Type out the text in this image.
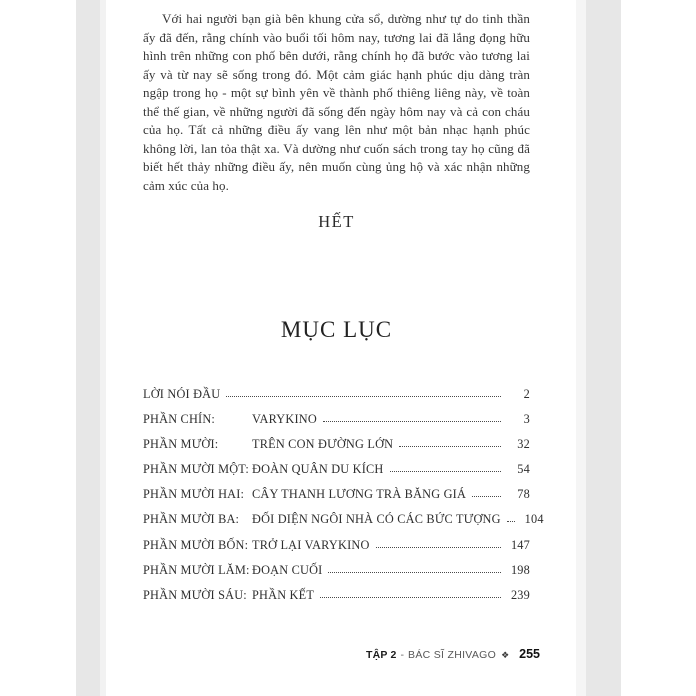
Với hai người bạn già bên khung cửa sổ, dường như tự do tinh thần ấy đã đến, rằng chính vào buổi tối hôm nay, tương lai đã lắng đọng hữu hình trên những con phố bên dưới, rằng chính họ đã bước vào tương lai ấy và từ nay sẽ sống trong đó. Một cảm giác hạnh phúc dịu dàng tràn ngập trong họ - một sự bình yên về thành phố thiêng liêng này, về toàn thể thế gian, về những người đã sống đến ngày hôm nay và cả con cháu của họ. Tất cả những điều ấy vang lên như một bản nhạc hạnh phúc không lời, lan tỏa thật xa. Và dường như cuốn sách trong tay họ cũng đã biết hết thảy những điều ấy, nên muốn cùng ủng hộ và xác nhận những cảm xúc của họ.

HẾT
MỤC LỤC
LỜI NÓI ĐẦU	2
PHẦN CHÍN:	VARYKINO	3
PHẦN MƯỜI:	TRÊN CON ĐƯỜNG LỚN	32
PHẦN MƯỜI MỘT: ĐOÀN QUÂN DU KÍCH	54
PHẦN MƯỜI HAI: CÂY THANH LƯƠNG TRÀ BĂNG GIÁ	78
PHẦN MƯỜI BA:	ĐỐI DIỆN NGÔI NHÀ CÓ CÁC BỨC TƯỢNG	104
PHẦN MƯỜI BỐN: TRỞ LẠI VARYKINO	147
PHẦN MƯỜI LĂM: ĐOẠN CUỐI	198
PHẦN MƯỜI SÁU: PHẦN KẾT	239
TẬP 2 - BÁC SĨ ZHIVAGO ❖ 255
